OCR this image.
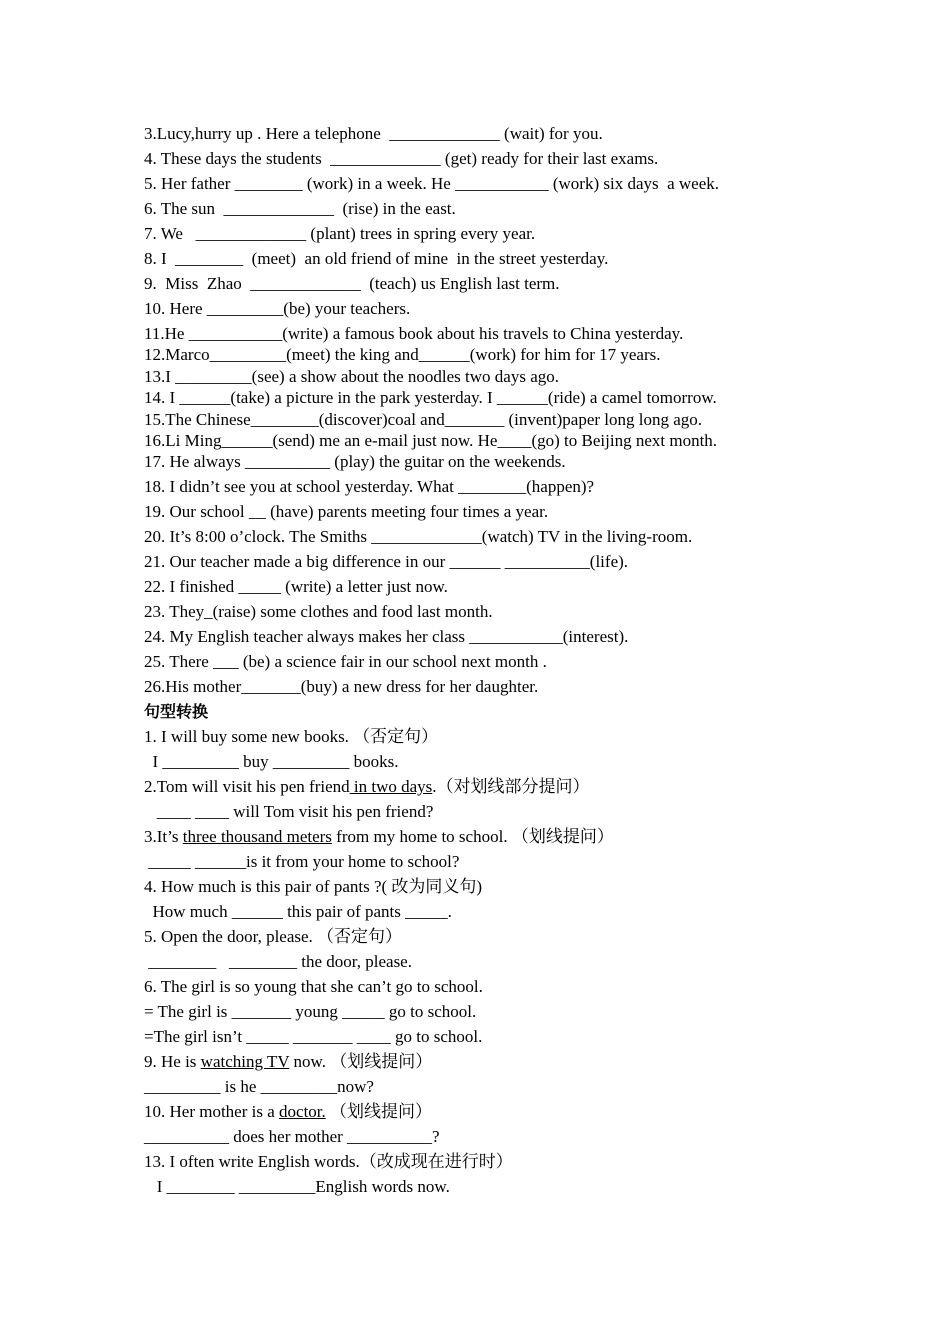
3.Lucy,hurry up . Here a telephone  _____________ (wait) for you.
4. These days the students  _____________ (get) ready for their last exams.
5. Her father ________ (work) in a week. He ___________ (work) six days  a week.
6. The sun  _____________  (rise) in the east.
7. We   _____________ (plant) trees in spring every year.
8. I  ________  (meet)  an old friend of mine  in the street yesterday.
9.  Miss  Zhao  _____________  (teach) us English last term.
10. Here _________(be) your teachers.
11.He ___________(write) a famous book about his travels to China yesterday.
12.Marco_________(meet) the king and______(work) for him for 17 years.
13.I _________(see) a show about the noodles two days ago.
14. I ______(take) a picture in the park yesterday. I ______(ride) a camel tomorrow.
15.The Chinese________(discover)coal and_______ (invent)paper long long ago.
16.Li Ming______(send) me an e-mail just now. He____(go) to Beijing next month.
17. He always __________ (play) the guitar on the weekends.
18. I didn’t see you at school yesterday. What ________(happen)?
19. Our school __ (have) parents meeting four times a year.
20. It’s 8:00 o’clock. The Smiths _____________(watch) TV in the living-room.
21. Our teacher made a big difference in our ______ __________(life).
22. I finished _____ (write) a letter just now.
23. They_(raise) some clothes and food last month.
24. My English teacher always makes her class ___________(interest).
25. There ___ (be) a science fair in our school next month .
26.His mother_______(buy) a new dress for her daughter.
句型转换
1. I will buy some new books. （否定句）
I _________ buy _________ books.
2.Tom will visit his pen friend in two days.（对划线部分提问）
____ ____ will Tom visit his pen friend?
3.It’s three thousand meters from my home to school. （划线提问）
_____ ______is it from your home to school?
4. How much is this pair of pants ?( 改为同义句)
How much ______ this pair of pants _____.
5. Open the door, please. （否定句）
________   ________ the door, please.
6. The girl is so young that she can’t go to school.
= The girl is _______ young _____ go to school.
=The girl isn’t _____ _______ ____ go to school.
9. He is watching TV now. （划线提问）
_________ is he _________now?
10. Her mother is a doctor. （划线提问）
__________ does her mother __________?
13. I often write English words.（改成现在进行时）
I ________ _________English words now.
